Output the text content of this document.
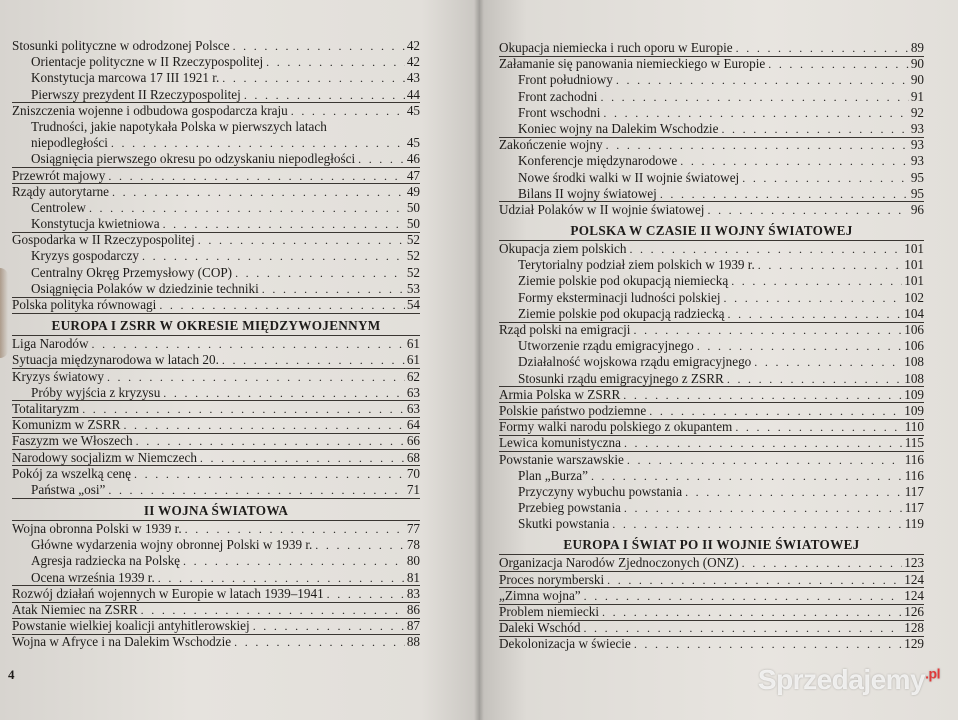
Stosunki polityczne w odrodzonej Polsce . . .	42
Orientacje polityczne w II Rzeczypospolitej . . .	42
Konstytucja marcowa 17 III 1921 r. . . .	43
Pierwszy prezydent II Rzeczypospolitej . . .	44
Zniszczenia wojenne i odbudowa gospodarcza kraju . . .	45
Trudności, jakie napotykała Polska w pierwszych latach
niepodległości . . .	45
Osiągnięcia pierwszego okresu po odzyskaniu niepodległości . . .	46
Przewrót majowy . . .	47
Rządy autorytarne . . .	49
Centrolew . . .	50
Konstytucja kwietniowa . . .	50
Gospodarka w II Rzeczypospolitej . . .	52
Kryzys gospodarczy . . .	52
Centralny Okręg Przemysłowy (COP) . . .	52
Osiągnięcia Polaków w dziedzinie techniki . . .	53
Polska polityka równowagi . . .	54
EUROPA I ZSRR W OKRESIE MIĘDZYWOJENNYM
Liga Narodów . . .	61
Sytuacja międzynarodowa w latach 20. . . .	61
Kryzys światowy . . .	62
Próby wyjścia z kryzysu . . .	63
Totalitaryzm . . .	63
Komunizm w ZSRR . . .	64
Faszyzm we Włoszech . . .	66
Narodowy socjalizm w Niemczech . . .	68
Pokój za wszelką cenę . . .	70
Państwa „osi” . . .	71
II WOJNA ŚWIATOWA
Wojna obronna Polski w 1939 r. . . .	77
Główne wydarzenia wojny obronnej Polski w 1939 r. . . .	78
Agresja radziecka na Polskę . . .	80
Ocena września 1939 r. . . .	81
Rozwój działań wojennych w Europie w latach 1939–1941 . . .	83
Atak Niemiec na ZSRR . . .	86
Powstanie wielkiej koalicji antyhitlerowskiej . . .	87
Wojna w Afryce i na Dalekim Wschodzie . . .	88
4
Okupacja niemiecka i ruch oporu w Europie . . .	89
Załamanie się panowania niemieckiego w Europie . . .	90
Front południowy . . .	90
Front zachodni . . .	91
Front wschodni . . .	92
Koniec wojny na Dalekim Wschodzie . . .	93
Zakończenie wojny . . .	93
Konferencje międzynarodowe . . .	93
Nowe środki walki w II wojnie światowej . . .	95
Bilans II wojny światowej . . .	95
Udział Polaków w II wojnie światowej . . .	96
POLSKA W CZASIE II WOJNY ŚWIATOWEJ
Okupacja ziem polskich . . .	101
Terytorialny podział ziem polskich w 1939 r. . . .	101
Ziemie polskie pod okupacją niemiecką . . .	101
Formy eksterminacji ludności polskiej . . .	102
Ziemie polskie pod okupacją radziecką . . .	104
Rząd polski na emigracji . . .	106
Utworzenie rządu emigracyjnego . . .	106
Działalność wojskowa rządu emigracyjnego . . .	108
Stosunki rządu emigracyjnego z ZSRR . . .	108
Armia Polska w ZSRR . . .	109
Polskie państwo podziemne . . .	109
Formy walki narodu polskiego z okupantem . . .	110
Lewica komunistyczna . . .	115
Powstanie warszawskie . . .	116
Plan „Burza” . . .	116
Przyczyny wybuchu powstania . . .	117
Przebieg powstania . . .	117
Skutki powstania . . .	119
EUROPA I ŚWIAT PO II WOJNIE ŚWIATOWEJ
Organizacja Narodów Zjednoczonych (ONZ) . . .	123
Proces norymberski . . .	124
„Zimna wojna” . . .	124
Problem niemiecki . . .	126
Daleki Wschód . . .	128
Dekolonizacja w świecie . . .	129
Sprzedajemy$^{.pl}$
